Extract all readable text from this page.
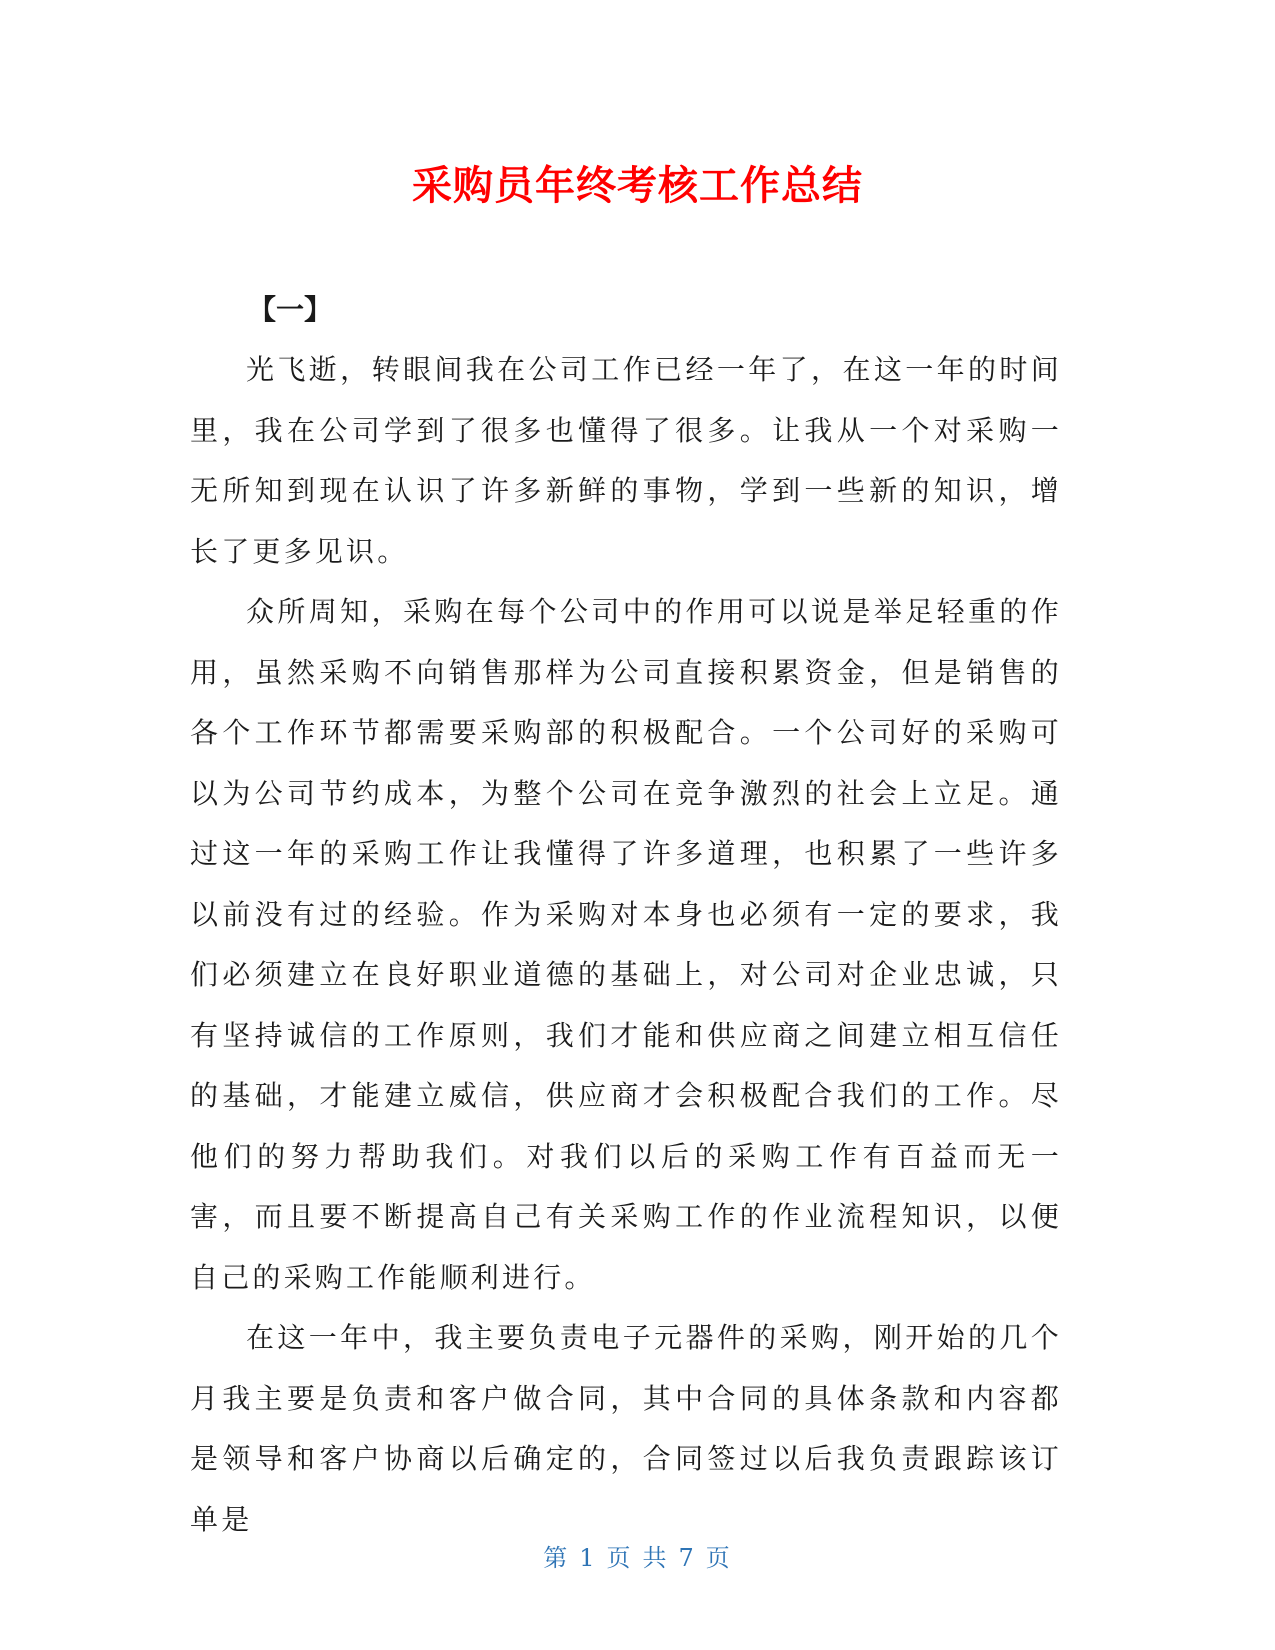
采购员年终考核工作总结

【一】

光飞逝，转眼间我在公司工作已经一年了，在这一年的时间里，我在公司学到了很多也懂得了很多。让我从一个对采购一无所知到现在认识了许多新鲜的事物，学到一些新的知识，增长了更多见识。

众所周知，采购在每个公司中的作用可以说是举足轻重的作用，虽然采购不向销售那样为公司直接积累资金，但是销售的各个工作环节都需要采购部的积极配合。一个公司好的采购可以为公司节约成本，为整个公司在竞争激烈的社会上立足。通过这一年的采购工作让我懂得了许多道理，也积累了一些许多以前没有过的经验。作为采购对本身也必须有一定的要求，我们必须建立在良好职业道德的基础上，对公司对企业忠诚，只有坚持诚信的工作原则，我们才能和供应商之间建立相互信任的基础，才能建立威信，供应商才会积极配合我们的工作。尽他们的努力帮助我们。对我们以后的采购工作有百益而无一害，而且要不断提高自己有关采购工作的作业流程知识，以便自己的采购工作能顺利进行。

在这一年中，我主要负责电子元器件的采购，刚开始的几个月我主要是负责和客户做合同，其中合同的具体条款和内容都是领导和客户协商以后确定的，合同签过以后我负责跟踪该订单是

第 1 页 共 7 页
